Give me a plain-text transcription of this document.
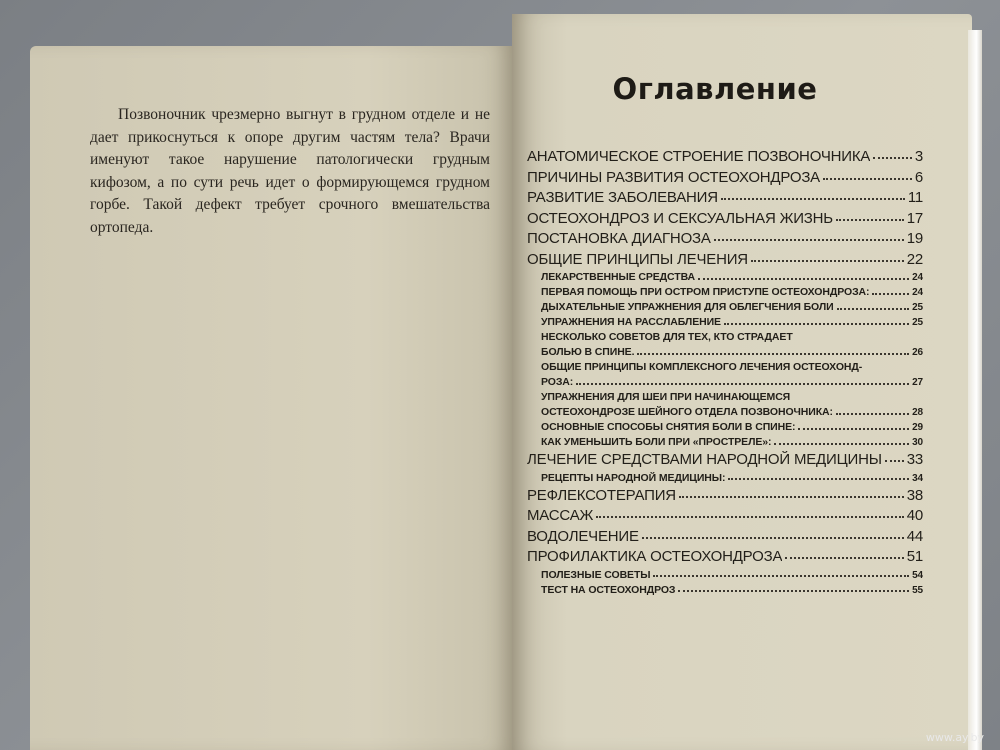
Позвоночник чрезмерно выгнут в грудном отделе и не дает прикоснуться к опоре другим частям тела? Врачи именуют такое нарушение патологически грудным кифозом, а по сути речь идет о формирующемся грудном горбе. Такой дефект требует срочного вмешательства ортопеда.

Оглавление
АНАТОМИЧЕСКОЕ СТРОЕНИЕ ПОЗВОНОЧНИКА	3
ПРИЧИНЫ РАЗВИТИЯ ОСТЕОХОНДРОЗА	6
РАЗВИТИЕ ЗАБОЛЕВАНИЯ	11
ОСТЕОХОНДРОЗ И СЕКСУАЛЬНАЯ ЖИЗНЬ	17
ПОСТАНОВКА ДИАГНОЗА	19
ОБЩИЕ ПРИНЦИПЫ ЛЕЧЕНИЯ	22
ЛЕКАРСТВЕННЫЕ СРЕДСТВА	24
ПЕРВАЯ ПОМОЩЬ ПРИ ОСТРОМ ПРИСТУПЕ ОСТЕОХОНДРОЗА:	24
ДЫХАТЕЛЬНЫЕ УПРАЖНЕНИЯ ДЛЯ ОБЛЕГЧЕНИЯ БОЛИ	25
УПРАЖНЕНИЯ НА РАССЛАБЛЕНИЕ	25
НЕСКОЛЬКО СОВЕТОВ ДЛЯ ТЕХ, КТО СТРАДАЕТ
БОЛЬЮ В СПИНЕ.	26
ОБЩИЕ ПРИНЦИПЫ КОМПЛЕКСНОГО ЛЕЧЕНИЯ ОСТЕОХОНД-
РОЗА:	27
УПРАЖНЕНИЯ ДЛЯ ШЕИ ПРИ НАЧИНАЮЩЕМСЯ
ОСТЕОХОНДРОЗЕ ШЕЙНОГО ОТДЕЛА ПОЗВОНОЧНИКА:	28
ОСНОВНЫЕ СПОСОБЫ СНЯТИЯ БОЛИ В СПИНЕ:	29
КАК УМЕНЬШИТЬ БОЛИ ПРИ «ПРОСТРЕЛЕ»:	30
ЛЕЧЕНИЕ СРЕДСТВАМИ НАРОДНОЙ МЕДИЦИНЫ 33
РЕЦЕПТЫ НАРОДНОЙ МЕДИЦИНЫ:	34
РЕФЛЕКСОТЕРАПИЯ	38
МАССАЖ	40
ВОДОЛЕЧЕНИЕ	44
ПРОФИЛАКТИКА ОСТЕОХОНДРОЗА	51
ПОЛЕЗНЫЕ СОВЕТЫ	54
ТЕСТ НА ОСТЕОХОНДРОЗ	55
www.ay.by
